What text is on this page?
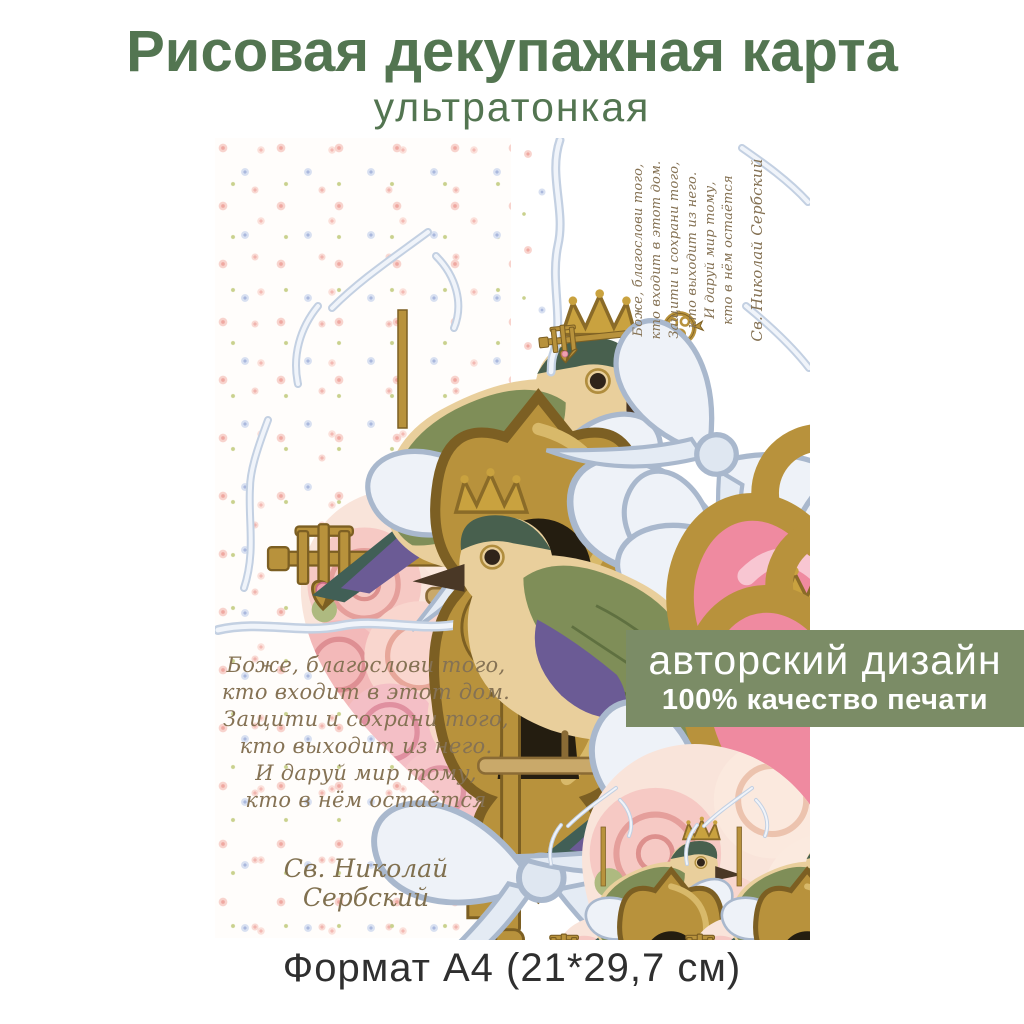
Рисовая декупажная карта
ультратонкая
Боже, благослови того,
кто входит в этот дом.
Защити и сохрани того,
кто выходит из него.
И даруй мир тому,
кто в нём остаётся
Св. Николай Сербский
Боже, благослови того, кто входит в этот дом. Защити и сохрани того, кто выходит из него. И даруй мир тому, кто в нём остаётся Св. Николай Сербский
авторский дизайн
100% качество печати
Формат А4 (21*29,7 см)
